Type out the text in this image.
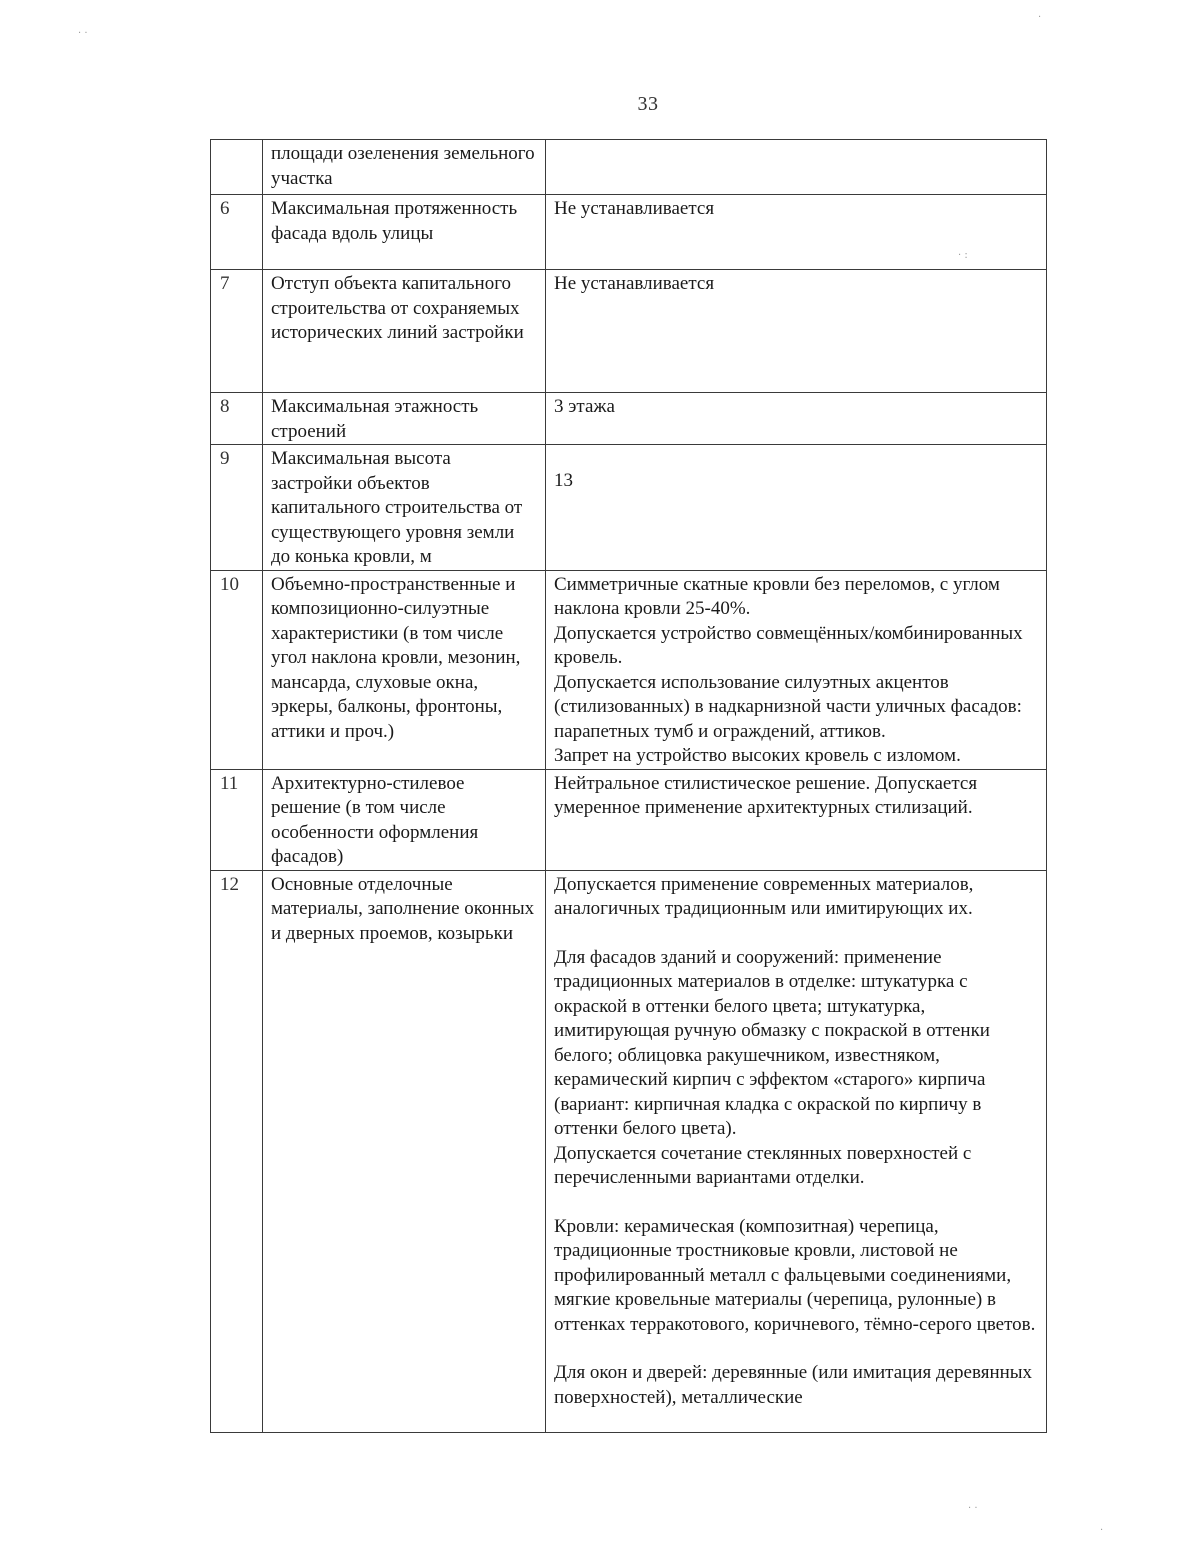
33
	площади озеленения земельного участка	
6	Максимальная протяженность фасада вдоль улицы	Не устанавливается

7	Отступ объекта капитального строительства от сохраняемых исторических линий застройки	Не устанавливается

8	Максимальная этажность строений	3 этажа

9	Максимальная высота застройки объектов капитального строительства от существующего уровня земли до конька кровли, м	13

10	Объемно-пространственные и композиционно-силуэтные характеристики (в том числе угол наклона кровли, мезонин, мансарда, слуховые окна, эркеры, балконы, фронтоны, аттики и проч.)	Симметричные скатные кровли без переломов, с углом наклона кровли 25-40%.
Допускается устройство совмещённых/комбинированных кровель.
Допускается использование силуэтных акцентов (стилизованных) в надкарнизной части уличных фасадов: парапетных тумб и ограждений, аттиков.
Запрет на устройство высоких кровель с изломом.

11	Архитектурно-стилевое решение (в том числе особенности оформления фасадов)	Нейтральное стилистическое решение. Допускается умеренное применение архитектурных стилизаций.

12	Основные отделочные материалы, заполнение оконных и дверных проемов, козырьки	Допускается применение современных материалов, аналогичных традиционным или имитирующих их.
Для фасадов зданий и сооружений: применение традиционных материалов в отделке: штукатурка с окраской в оттенки белого цвета; штукатурка, имитирующая ручную обмазку с покраской в оттенки белого; облицовка ракушечником, известняком, керамический кирпич с эффектом «старого» кирпича (вариант: кирпичная кладка с окраской по кирпичу в оттенки белого цвета).
Допускается сочетание стеклянных поверхностей с перечисленными вариантами отделки.
Кровли: керамическая (композитная) черепица, традиционные тростниковые кровли, листовой не профилированный металл с фальцевыми соединениями, мягкие кровельные материалы (черепица, рулонные) в оттенках терракотового, коричневого, тёмно-серого цветов.
Для окон и дверей: деревянные (или имитация деревянных поверхностей), металлические
· ·
·
· :
· ·
·
